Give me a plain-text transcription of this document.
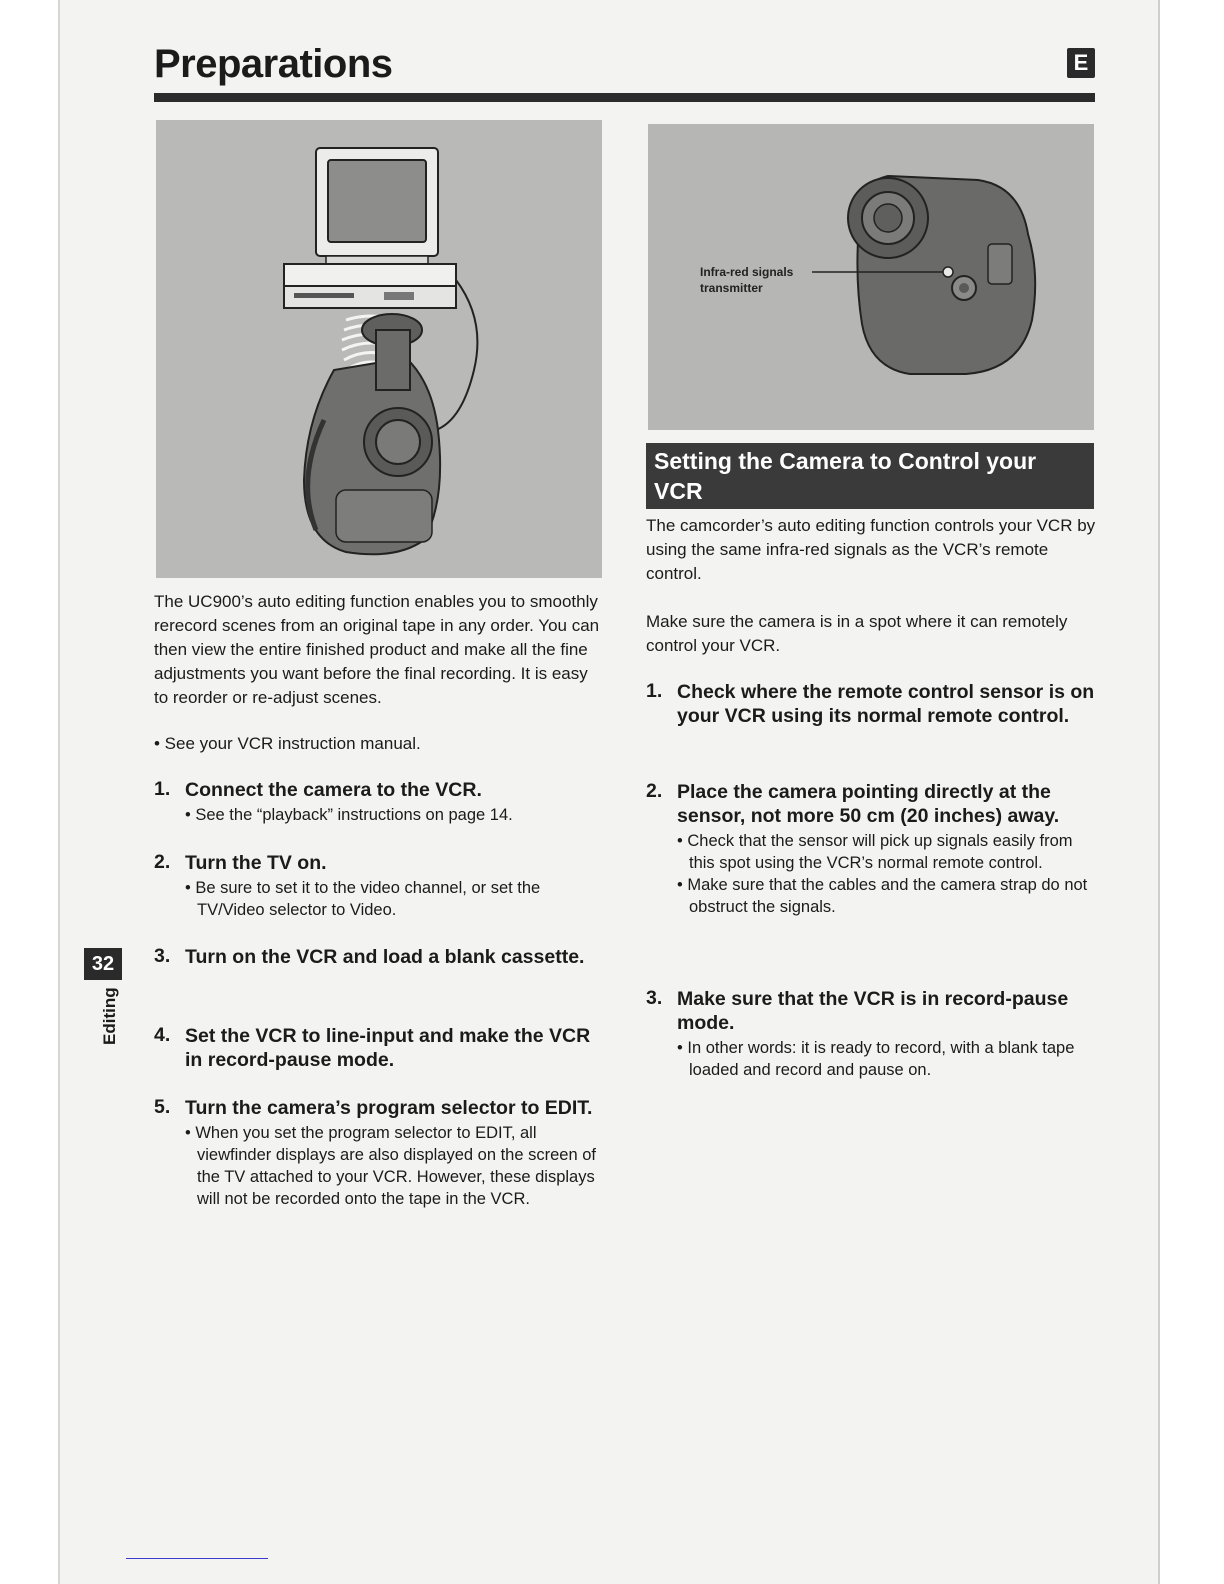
Preparations	E
Infra-red signals transmitter
Setting the Camera to Control your VCR

The UC900’s auto editing function enables you to smoothly rerecord scenes from an original tape in any order. You can then view the entire finished product and make all the fine adjustments you want before the final recording. It is easy to reorder or re-adjust scenes.

• See your VCR instruction manual.

1. Connect the camera to the VCR.

• See the “playback” instructions on page 14.

2. Turn the TV on.

• Be sure to set it to the video channel, or set the TV/Video selector to Video.

3. Turn on the VCR and load a blank cassette.

4. Set the VCR to line-input and make the VCR in record-pause mode.

5. Turn the camera’s program selector to EDIT.

• When you set the program selector to EDIT, all viewfinder displays are also displayed on the screen of the TV attached to your VCR. However, these displays will not be recorded onto the tape in the VCR.

The camcorder’s auto editing function controls your VCR by using the same infra-red signals as the VCR’s remote control.

Make sure the camera is in a spot where it can remotely control your VCR.

1. Check where the remote control sensor is on your VCR using its normal remote control.

2. Place the camera pointing directly at the sensor, not more 50 cm (20 inches) away.

• Check that the sensor will pick up signals easily from this spot using the VCR’s normal remote control.

• Make sure that the cables and the camera strap do not obstruct the signals.

3. Make sure that the VCR is in record-pause mode.

• In other words: it is ready to record, with a blank tape loaded and record and pause on.

32
Editing
